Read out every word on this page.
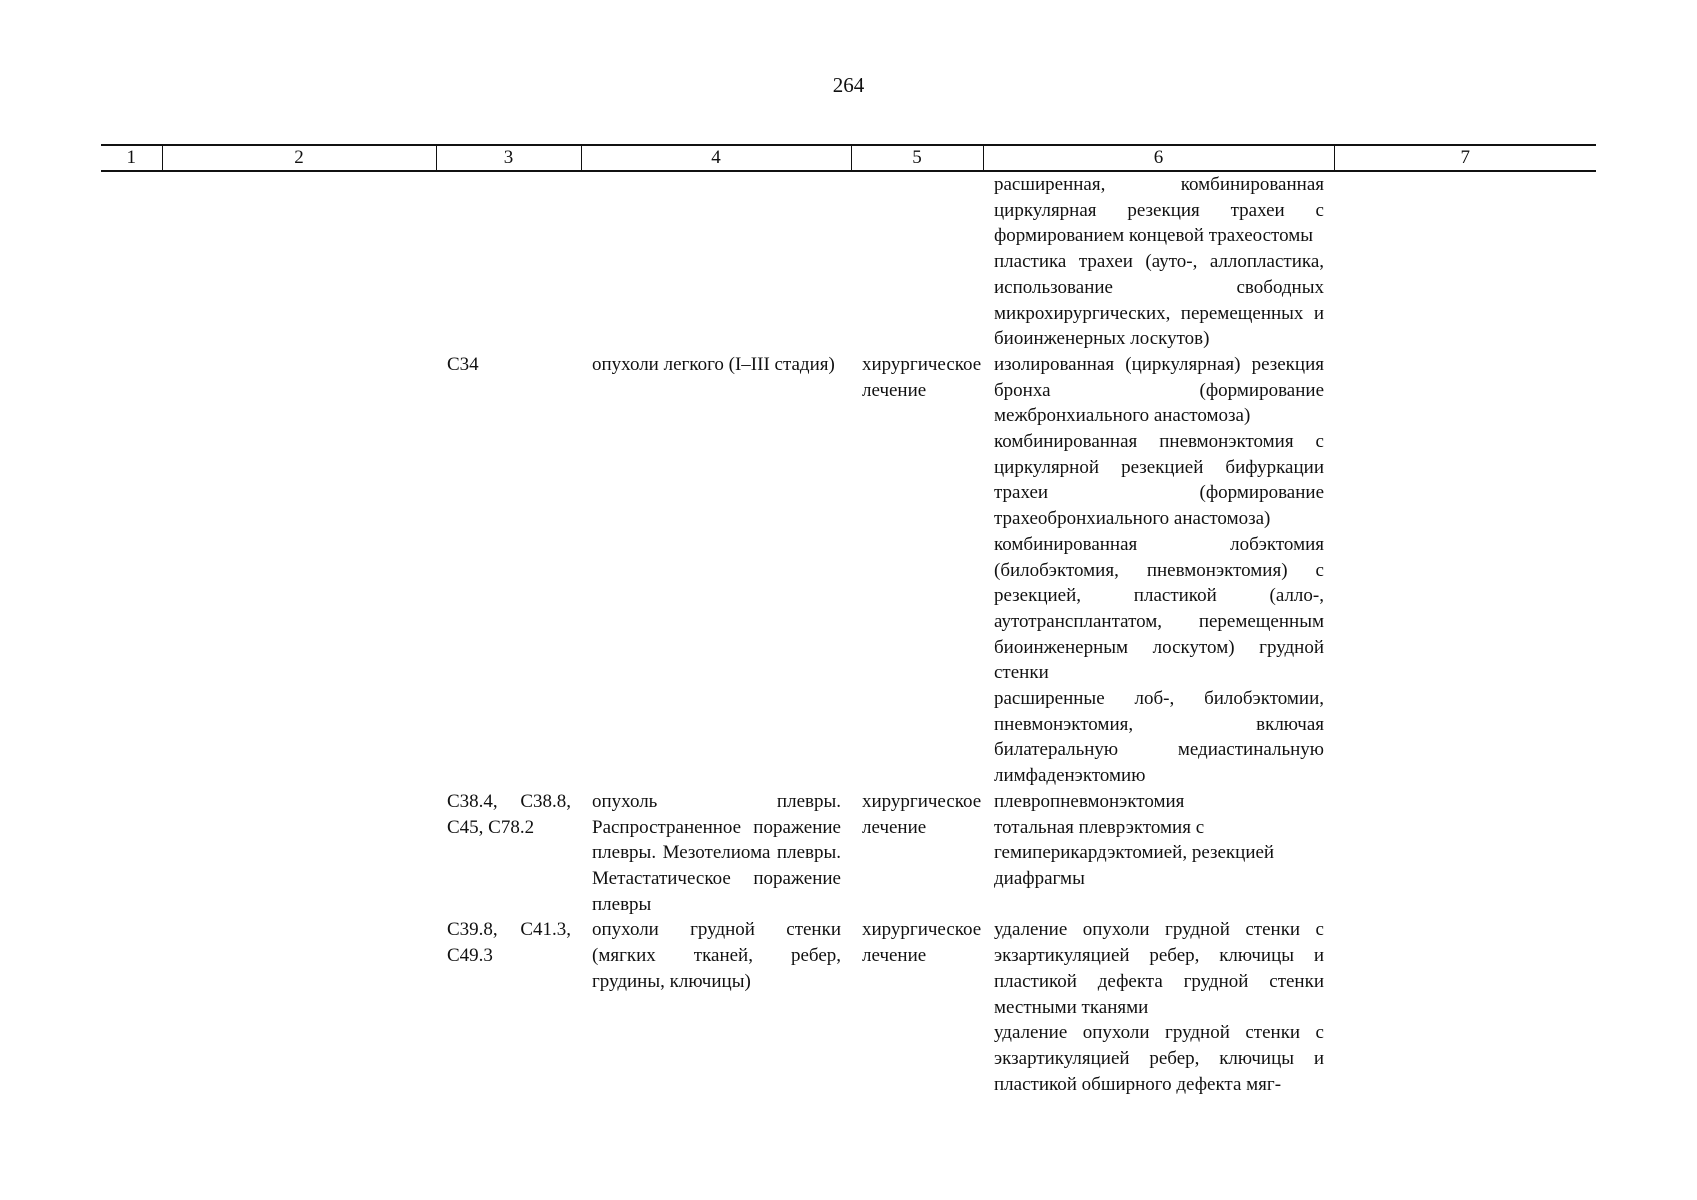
264
1	2	3	4	5	6	7

					расширенная, комбинированная циркулярная резекция трахеи с формированием концевой трахеостомы
пластика трахеи (ауто-, аллопластика, использование свободных микрохирургических, перемещенных и биоинженерных лоскутов)	

		C34	опухоли легкого (I–III стадия)	хирургическое лечение	изолированная (циркулярная) резекция бронха (формирование межбронхиального анастомоза)
комбинированная пневмонэктомия с циркулярной резекцией бифуркации трахеи (формирование трахеобронхиального анастомоза)
комбинированная лобэктомия (билобэктомия, пневмонэктомия) с резекцией, пластикой (алло-, аутотрансплантатом, перемещенным биоинженерным лоскутом) грудной стенки
расширенные лоб-, билобэктомии, пневмонэктомия, включая билатеральную медиастинальную лимфаденэктомию	

		C38.4, C38.8, C45, C78.2	опухоль плевры. Распространенное поражение плевры. Мезотелиома плевры. Метастатическое поражение плевры	хирургическое лечение	плевропневмонэктомия
тотальная плеврэктомия с гемиперикардэктомией, резекцией диафрагмы	

		C39.8, C41.3, C49.3	опухоли грудной стенки (мягких тканей, ребер, грудины, ключицы)	хирургическое лечение	удаление опухоли грудной стенки с экзартикуляцией ребер, ключицы и пластикой дефекта грудной стенки местными тканями
удаление опухоли грудной стенки с экзартикуляцией ребер, ключицы и пластикой обширного дефекта мяг-	
